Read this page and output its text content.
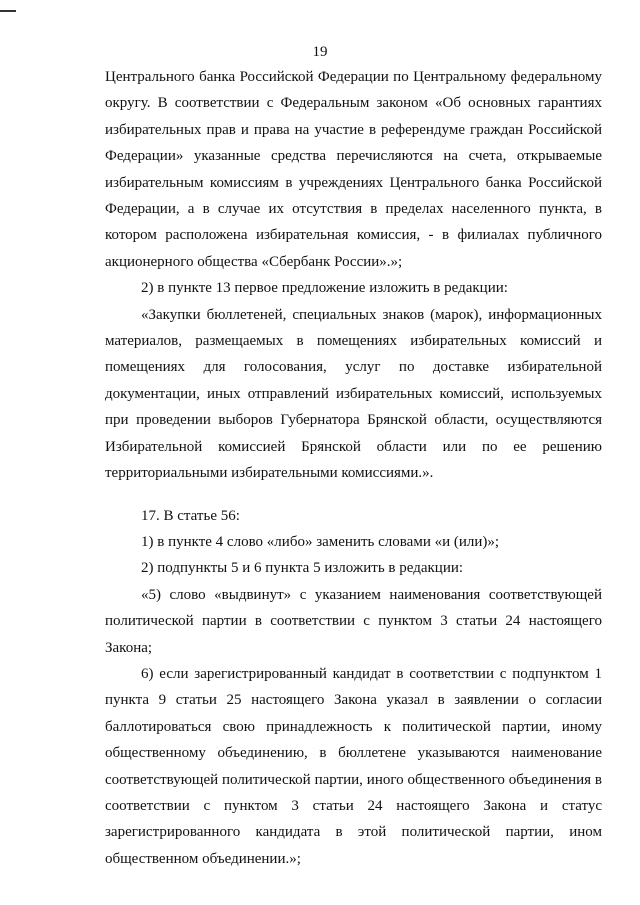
19

Центрального банка Российской Федерации по Центральному федеральному округу. В соответствии с Федеральным законом «Об основных гарантиях избирательных прав и права на участие в референдуме граждан Российской Федерации» указанные средства перечисляются на счета, открываемые избирательным комиссиям в учреждениях Центрального банка Российской Федерации, а в случае их отсутствия в пределах населенного пункта, в котором расположена избирательная комиссия, - в филиалах публичного акционерного общества «Сбербанк России».»;

2) в пункте 13 первое предложение изложить в редакции:

«Закупки бюллетеней, специальных знаков (марок), информационных материалов, размещаемых в помещениях избирательных комиссий и помещениях для голосования, услуг по доставке избирательной документации, иных отправлений избирательных комиссий, используемых при проведении выборов Губернатора Брянской области, осуществляются Избирательной комиссией Брянской области или по ее решению территориальными избирательными комиссиями.».

17. В статье 56:

1) в пункте 4 слово «либо» заменить словами «и (или)»;

2) подпункты 5 и 6 пункта 5 изложить в редакции:

«5) слово «выдвинут» с указанием наименования соответствующей политической партии в соответствии с пунктом 3 статьи 24 настоящего Закона;

6) если зарегистрированный кандидат в соответствии с подпунктом 1 пункта 9 статьи 25 настоящего Закона указал в заявлении о согласии баллотироваться свою принадлежность к политической партии, иному общественному объединению, в бюллетене указываются наименование соответствующей политической партии, иного общественного объединения в соответствии с пунктом 3 статьи 24 настоящего Закона и статус зарегистрированного кандидата в этой политической партии, ином общественном объединении.»;
